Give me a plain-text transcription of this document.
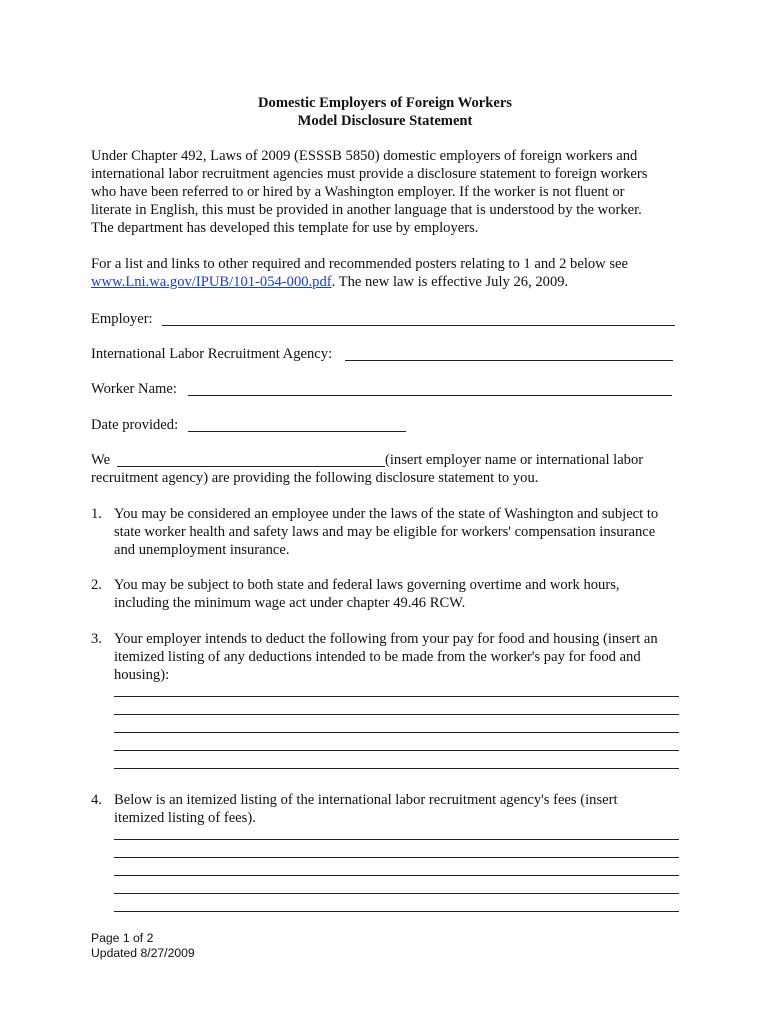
Domestic Employers of Foreign Workers
Model Disclosure Statement
Under Chapter 492, Laws of 2009 (ESSSB 5850) domestic employers of foreign workers and
international labor recruitment agencies must provide a disclosure statement to foreign workers
who have been referred to or hired by a Washington employer. If the worker is not fluent or
literate in English, this must be provided in another language that is understood by the worker.
The department has developed this template for use by employers.
For a list and links to other required and recommended posters relating to 1 and 2 below see
www.Lni.wa.gov/IPUB/101-054-000.pdf. The new law is effective July 26, 2009.
Employer:
International Labor Recruitment Agency:
Worker Name:
Date provided:
We	(insert employer name or international labor
recruitment agency) are providing the following disclosure statement to you.
1. You may be considered an employee under the laws of the state of Washington and subject to
state worker health and safety laws and may be eligible for workers' compensation insurance
and unemployment insurance.
2. You may be subject to both state and federal laws governing overtime and work hours,
including the minimum wage act under chapter 49.46 RCW.
3. Your employer intends to deduct the following from your pay for food and housing (insert an
itemized listing of any deductions intended to be made from the worker's pay for food and
housing):
4. Below is an itemized listing of the international labor recruitment agency's fees (insert
itemized listing of fees).
Page 1 of 2
Updated 8/27/2009
